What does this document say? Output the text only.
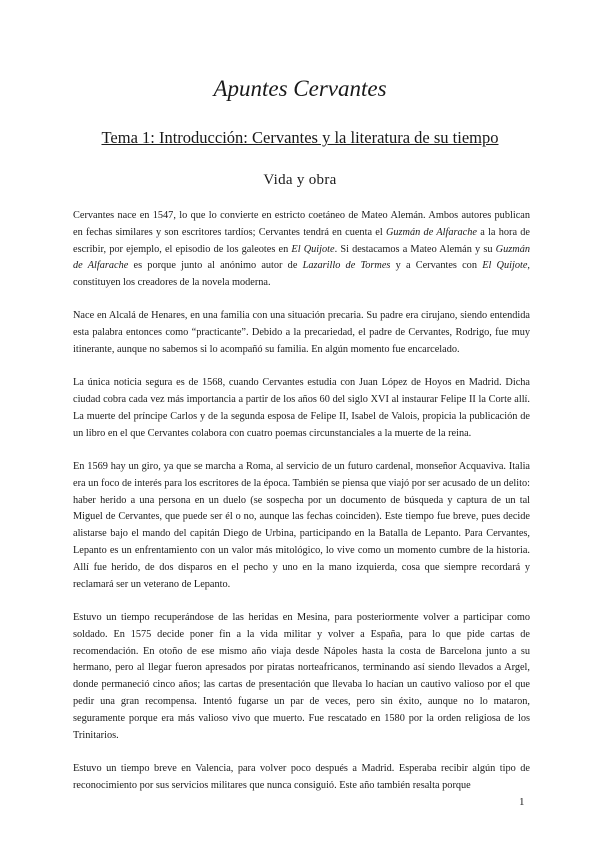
Apuntes Cervantes
Tema 1: Introducción: Cervantes y la literatura de su tiempo
Vida y obra

Cervantes nace en 1547, lo que lo convierte en estricto coetáneo de Mateo Alemán. Ambos autores publican en fechas similares y son escritores tardíos; Cervantes tendrá en cuenta el Guzmán de Alfarache a la hora de escribir, por ejemplo, el episodio de los galeotes en El Quijote. Si destacamos a Mateo Alemán y su Guzmán de Alfarache es porque junto al anónimo autor de Lazarillo de Tormes y a Cervantes con El Quijote, constituyen los creadores de la novela moderna.

Nace en Alcalá de Henares, en una familia con una situación precaria. Su padre era cirujano, siendo entendida esta palabra entonces como “practicante”. Debido a la precariedad, el padre de Cervantes, Rodrigo, fue muy itinerante, aunque no sabemos si lo acompañó su familia. En algún momento fue encarcelado.

La única noticia segura es de 1568, cuando Cervantes estudia con Juan López de Hoyos en Madrid. Dicha ciudad cobra cada vez más importancia a partir de los años 60 del siglo XVI al instaurar Felipe II la Corte allí. La muerte del príncipe Carlos y de la segunda esposa de Felipe II, Isabel de Valois, propicia la publicación de un libro en el que Cervantes colabora con cuatro poemas circunstanciales a la muerte de la reina.

En 1569 hay un giro, ya que se marcha a Roma, al servicio de un futuro cardenal, monseñor Acquaviva. Italia era un foco de interés para los escritores de la época. También se piensa que viajó por ser acusado de un delito: haber herido a una persona en un duelo (se sospecha por un documento de búsqueda y captura de un tal Miguel de Cervantes, que puede ser él o no, aunque las fechas coinciden). Este tiempo fue breve, pues decide alistarse bajo el mando del capitán Diego de Urbina, participando en la Batalla de Lepanto. Para Cervantes, Lepanto es un enfrentamiento con un valor más mitológico, lo vive como un momento cumbre de la historia. Allí fue herido, de dos disparos en el pecho y uno en la mano izquierda, cosa que siempre recordará y reclamará ser un veterano de Lepanto.

Estuvo un tiempo recuperándose de las heridas en Mesina, para posteriormente volver a participar como soldado. En 1575 decide poner fin a la vida militar y volver a España, para lo que pide cartas de recomendación. En otoño de ese mismo año viaja desde Nápoles hasta la costa de Barcelona junto a su hermano, pero al llegar fueron apresados por piratas norteafricanos, terminando así siendo llevados a Argel, donde permaneció cinco años; las cartas de presentación que llevaba lo hacían un cautivo valioso por el que pedir una gran recompensa. Intentó fugarse un par de veces, pero sin éxito, aunque no lo mataron, seguramente porque era más valioso vivo que muerto. Fue rescatado en 1580 por la orden religiosa de los Trinitarios.

Estuvo un tiempo breve en Valencia, para volver poco después a Madrid. Esperaba recibir algún tipo de reconocimiento por sus servicios militares que nunca consiguió. Este año también resalta porque

1
